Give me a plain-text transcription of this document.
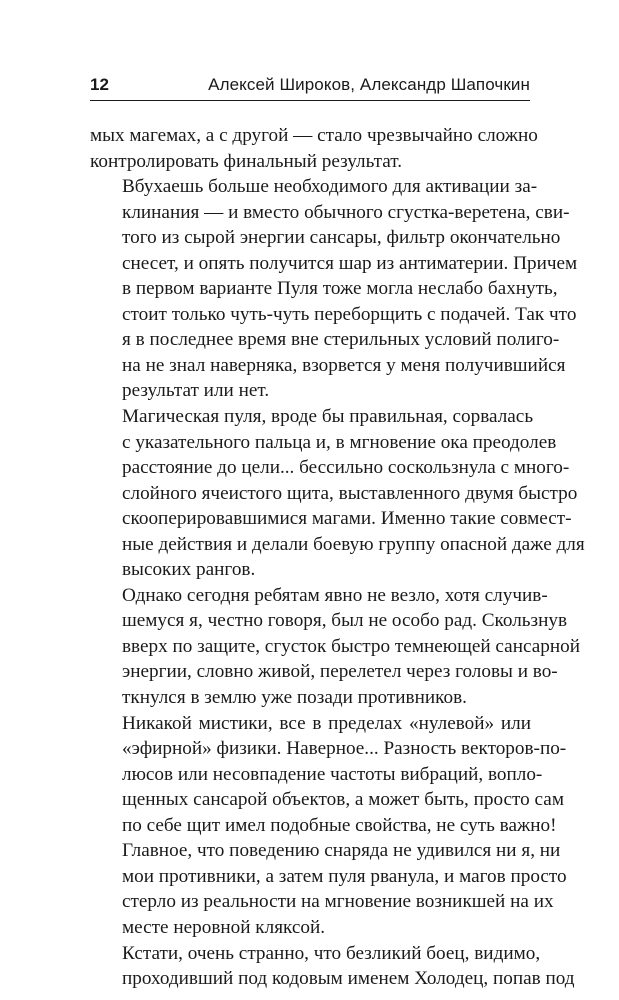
12	Алексей Широков, Александр Шапочкин

мых магемах, а с другой — стало чрезвычайно сложно
контролировать финальный результат.

Вбухаешь больше необходимого для активации за-
клинания — и вместо обычного сгустка-веретена, сви-
того из сырой энергии сансары, фильтр окончательно
снесет, и опять получится шар из антиматерии. Причем
в первом варианте Пуля тоже могла неслабо бахнуть,
стоит только чуть-чуть переборщить с подачей. Так что
я в последнее время вне стерильных условий полиго-
на не знал наверняка, взорвется у меня получившийся
результат или нет.

Магическая пуля, вроде бы правильная, сорвалась
с указательного пальца и, в мгновение ока преодолев
расстояние до цели... бессильно соскользнула с много-
слойного ячеистого щита, выставленного двумя быстро
скооперировавшимися магами. Именно такие совмест-
ные действия и делали боевую группу опасной даже для
высоких рангов.

Однако сегодня ребятам явно не везло, хотя случив-
шемуся я, честно говоря, был не особо рад. Скользнув
вверх по защите, сгусток быстро темнеющей сансарной
энергии, словно живой, перелетел через головы и во-
ткнулся в землю уже позади противников.

Никакой мистики, все в пределах «нулевой» или
«эфирной» физики. Наверное... Разность векторов-по-
люсов или несовпадение частоты вибраций, вопло-
щенных сансарой объектов, а может быть, просто сам
по себе щит имел подобные свойства, не суть важно!
Главное, что поведению снаряда не удивился ни я, ни
мои противники, а затем пуля рванула, и магов просто
стерло из реальности на мгновение возникшей на их
месте неровной кляксой.

Кстати, очень странно, что безликий боец, видимо,
проходивший под кодовым именем Холодец, попав под
